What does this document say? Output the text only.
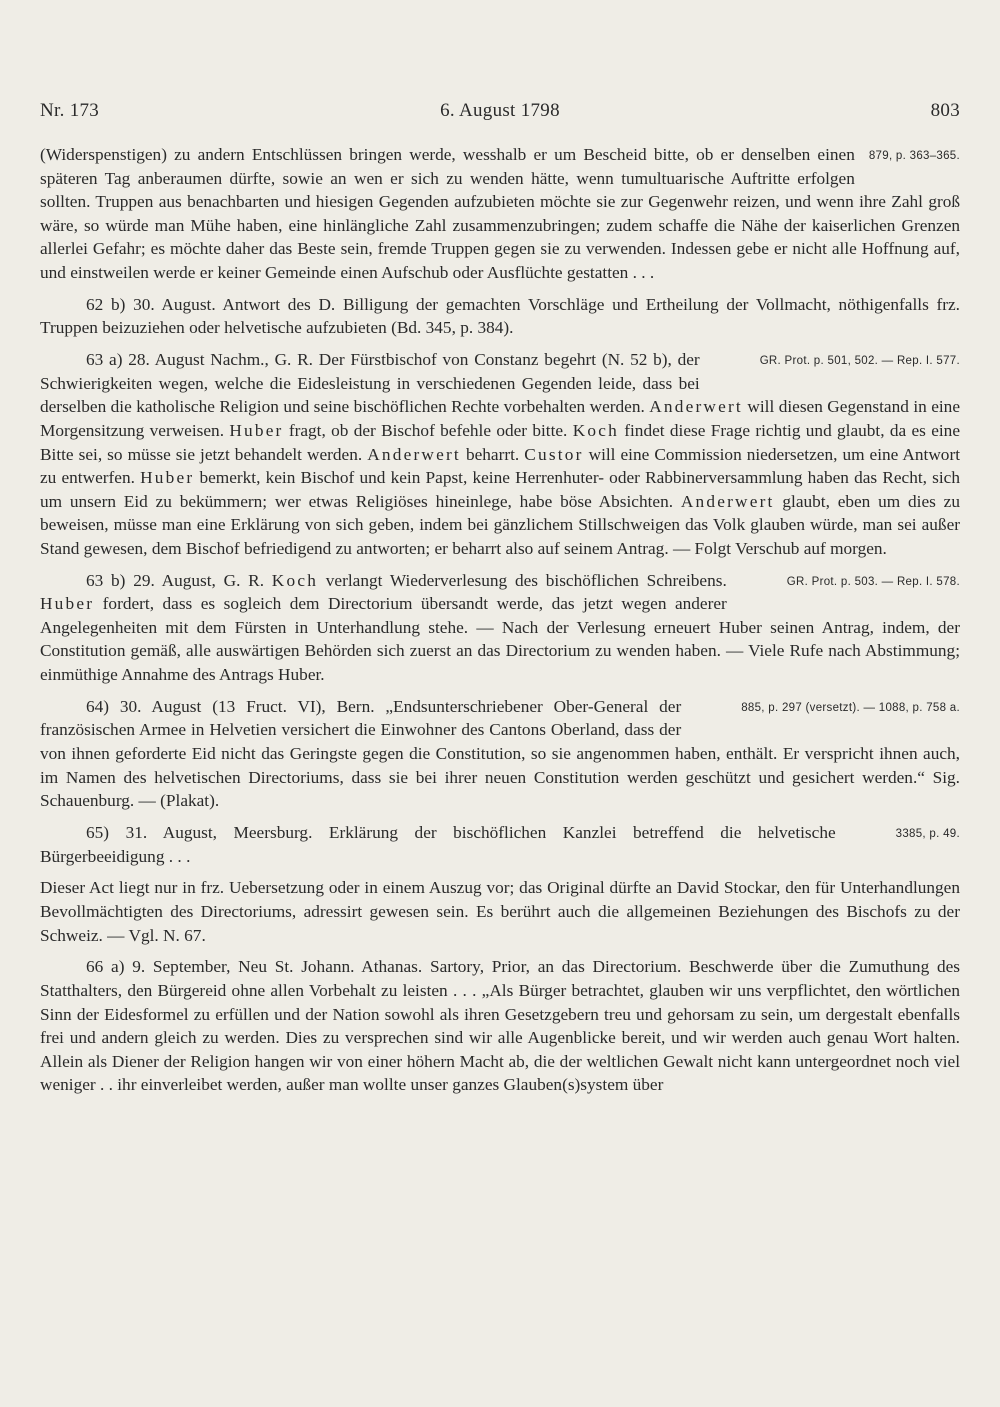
Nr. 173	6. August 1798	803

879, p. 363–365.
(Widerspenstigen) zu andern Entschlüssen bringen werde, wesshalb er um Bescheid bitte, ob er denselben einen späteren Tag anberaumen dürfte, sowie an wen er sich zu wenden hätte, wenn tumultuarische Auftritte erfolgen sollten. Truppen aus benachbarten und hiesigen Gegenden aufzubieten möchte sie zur Gegenwehr reizen, und wenn ihre Zahl groß wäre, so würde man Mühe haben, eine hinlängliche Zahl zusammenzubringen; zudem schaffe die Nähe der kaiserlichen Grenzen allerlei Gefahr; es möchte daher das Beste sein, fremde Truppen gegen sie zu verwenden. Indessen gebe er nicht alle Hoffnung auf, und einstweilen werde er keiner Gemeinde einen Aufschub oder Ausflüchte gestatten . . .

62 b) 30. August. Antwort des D. Billigung der gemachten Vorschläge und Ertheilung der Vollmacht, nöthigenfalls frz. Truppen beizuziehen oder helvetische aufzubieten (Bd. 345, p. 384).

GR. Prot. p. 501, 502. — Rep. I. 577.
63 a) 28. August Nachm., G. R. Der Fürstbischof von Constanz begehrt (N. 52 b), der Schwierigkeiten wegen, welche die Eidesleistung in verschiedenen Gegenden leide, dass bei derselben die katholische Religion und seine bischöflichen Rechte vorbehalten werden. Anderwert will diesen Gegenstand in eine Morgensitzung verweisen. Huber fragt, ob der Bischof befehle oder bitte. Koch findet diese Frage richtig und glaubt, da es eine Bitte sei, so müsse sie jetzt behandelt werden. Anderwert beharrt. Custor will eine Commission niedersetzen, um eine Antwort zu entwerfen. Huber bemerkt, kein Bischof und kein Papst, keine Herrenhuter- oder Rabbinerversammlung haben das Recht, sich um unsern Eid zu bekümmern; wer etwas Religiöses hineinlege, habe böse Absichten. Anderwert glaubt, eben um dies zu beweisen, müsse man eine Erklärung von sich geben, indem bei gänzlichem Stillschweigen das Volk glauben würde, man sei außer Stand gewesen, dem Bischof befriedigend zu antworten; er beharrt also auf seinem Antrag. — Folgt Verschub auf morgen.

GR. Prot. p. 503. — Rep. I. 578.
63 b) 29. August, G. R. Koch verlangt Wiederverlesung des bischöflichen Schreibens. Huber fordert, dass es sogleich dem Directorium übersandt werde, das jetzt wegen anderer Angelegenheiten mit dem Fürsten in Unterhandlung stehe. — Nach der Verlesung erneuert Huber seinen Antrag, indem, der Constitution gemäß, alle auswärtigen Behörden sich zuerst an das Directorium zu wenden haben. — Viele Rufe nach Abstimmung; einmüthige Annahme des Antrags Huber.

885, p. 297 (versetzt). — 1088, p. 758 a.
64) 30. August (13 Fruct. VI), Bern. „Endsunterschriebener Ober-General der französischen Armee in Helvetien versichert die Einwohner des Cantons Oberland, dass der von ihnen geforderte Eid nicht das Geringste gegen die Constitution, so sie angenommen haben, enthält. Er verspricht ihnen auch, im Namen des helvetischen Directoriums, dass sie bei ihrer neuen Constitution werden geschützt und gesichert werden.“ Sig. Schauenburg. — (Plakat).

3385, p. 49.
65) 31. August, Meersburg. Erklärung der bischöflichen Kanzlei betreffend die helvetische Bürgerbeeidigung . . .

Dieser Act liegt nur in frz. Uebersetzung oder in einem Auszug vor; das Original dürfte an David Stockar, den für Unterhandlungen Bevollmächtigten des Directoriums, adressirt gewesen sein. Es berührt auch die allgemeinen Beziehungen des Bischofs zu der Schweiz. — Vgl. N. 67.

66 a) 9. September, Neu St. Johann. Athanas. Sartory, Prior, an das Directorium. Beschwerde über die Zumuthung des Statthalters, den Bürgereid ohne allen Vorbehalt zu leisten . . . „Als Bürger betrachtet, glauben wir uns verpflichtet, den wörtlichen Sinn der Eidesformel zu erfüllen und der Nation sowohl als ihren Gesetzgebern treu und gehorsam zu sein, um dergestalt ebenfalls frei und andern gleich zu werden. Dies zu versprechen sind wir alle Augenblicke bereit, und wir werden auch genau Wort halten. Allein als Diener der Religion hangen wir von einer höhern Macht ab, die der weltlichen Gewalt nicht kann untergeordnet noch viel weniger . . ihr einverleibet werden, außer man wollte unser ganzes Glauben(s)system über
